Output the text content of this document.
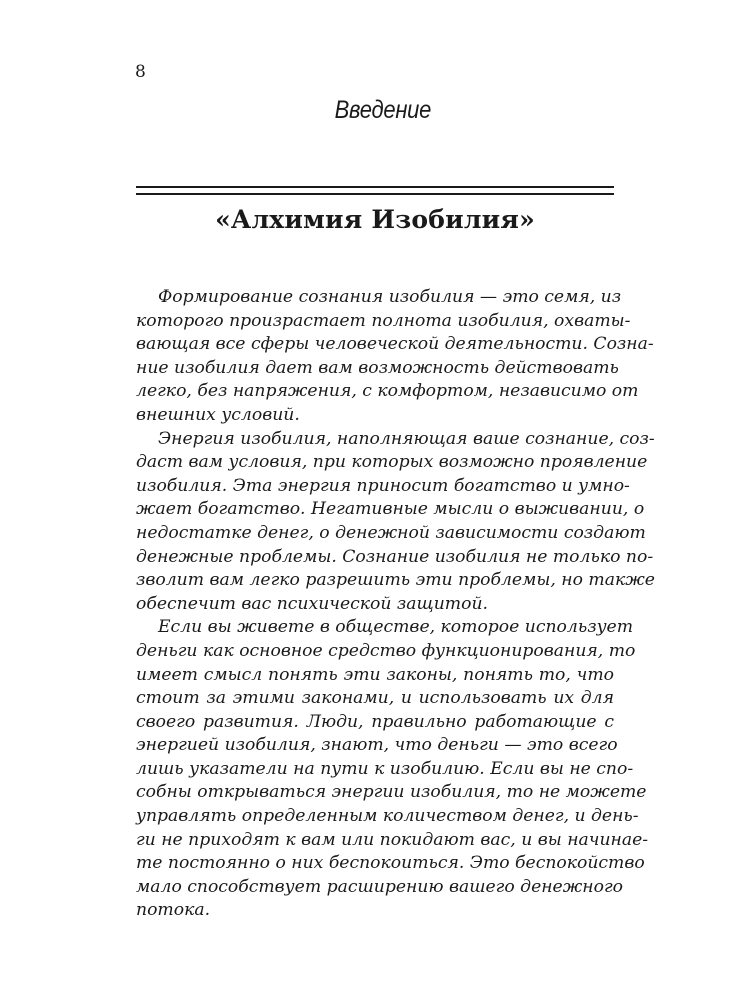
8
Введение
«Алхимия Изобилия»
Формирование сознания изобилия — это семя, из
которого произрастает полнота изобилия, охваты-
вающая все сферы человеческой деятельности. Созна-
ние изобилия дает вам возможность действовать
легко, без напряжения, с комфортом, независимо от
внешних условий.
Энергия изобилия, наполняющая ваше сознание, соз-
даст вам условия, при которых возможно проявление
изобилия. Эта энергия приносит богатство и умно-
жает богатство. Негативные мысли о выживании, о
недостатке денег, о денежной зависимости создают
денежные проблемы. Сознание изобилия не только по-
зволит вам легко разрешить эти проблемы, но также
обеспечит вас психической защитой.
Если вы живете в обществе, которое использует
деньги как основное средство функционирования, то
имеет смысл понять эти законы, понять то, что
стоит за этими законами, и использовать их для
своего развития. Люди, правильно работающие с
энергией изобилия, знают, что деньги — это всего
лишь указатели на пути к изобилию. Если вы не спо-
собны открываться энергии изобилия, то не можете
управлять определенным количеством денег, и день-
ги не приходят к вам или покидают вас, и вы начинае-
те постоянно о них беспокоиться. Это беспокойство
мало способствует расширению вашего денежного
потока.
